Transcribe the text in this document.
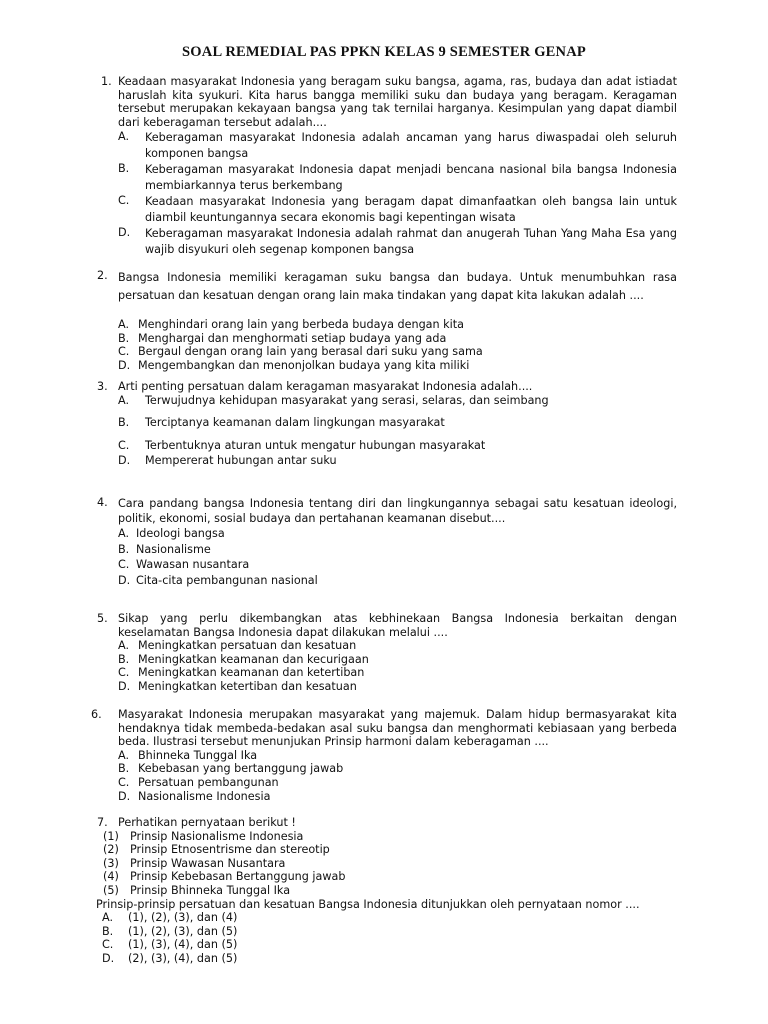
SOAL REMEDIAL PAS PPKN KELAS 9 SEMESTER GENAP
1. Keadaan masyarakat Indonesia yang beragam suku bangsa, agama, ras, budaya dan adat istiadat haruslah kita syukuri. Kita harus bangga memiliki suku dan budaya yang beragam. Keragaman tersebut merupakan kekayaan bangsa yang tak ternilai harganya. Kesimpulan yang dapat diambil dari keberagaman tersebut adalah....
A. Keberagaman masyarakat Indonesia adalah ancaman yang harus diwaspadai oleh seluruh komponen bangsa
B. Keberagaman masyarakat Indonesia dapat menjadi bencana nasional bila bangsa Indonesia membiarkannya terus berkembang
C. Keadaan masyarakat Indonesia yang beragam dapat dimanfaatkan oleh bangsa lain untuk diambil keuntungannya secara ekonomis bagi kepentingan wisata
D. Keberagaman masyarakat Indonesia adalah rahmat dan anugerah Tuhan Yang Maha Esa yang wajib disyukuri oleh segenap komponen bangsa
2. Bangsa Indonesia memiliki keragaman suku bangsa dan budaya. Untuk menumbuhkan rasa persatuan dan kesatuan dengan orang lain maka tindakan yang dapat kita lakukan adalah ....
A. Menghindari orang lain yang berbeda budaya dengan kita
B. Menghargai dan menghormati setiap budaya yang ada
C. Bergaul dengan orang lain yang berasal dari suku yang sama
D. Mengembangkan dan menonjolkan budaya yang kita miliki
3. Arti penting persatuan dalam keragaman masyarakat Indonesia adalah....
A. Terwujudnya kehidupan masyarakat yang serasi, selaras, dan seimbang
B. Terciptanya keamanan dalam lingkungan masyarakat
C. Terbentuknya aturan untuk mengatur hubungan masyarakat
D. Mempererat hubungan antar suku
4. Cara pandang bangsa Indonesia tentang diri dan lingkungannya sebagai satu kesatuan ideologi, politik, ekonomi, sosial budaya dan pertahanan keamanan disebut....
A. Ideologi bangsa
B. Nasionalisme
C. Wawasan nusantara
D. Cita-cita pembangunan nasional
5. Sikap yang perlu dikembangkan atas kebhinekaan Bangsa Indonesia berkaitan dengan keselamatan Bangsa Indonesia dapat dilakukan melalui ....
A. Meningkatkan persatuan dan kesatuan
B. Meningkatkan keamanan dan kecurigaan
C. Meningkatkan keamanan dan ketertiban
D. Meningkatkan ketertiban dan kesatuan
6. Masyarakat Indonesia merupakan masyarakat yang majemuk. Dalam hidup bermasyarakat kita hendaknya tidak membeda-bedakan asal suku bangsa dan menghormati kebiasaan yang berbeda beda. Ilustrasi tersebut menunjukan Prinsip harmoni dalam keberagaman ....
A. Bhinneka Tunggal Ika
B. Kebebasan yang bertanggung jawab
C. Persatuan pembangunan
D. Nasionalisme Indonesia
7. Perhatikan pernyataan berikut !
(1) Prinsip Nasionalisme Indonesia
(2) Prinsip Etnosentrisme dan stereotip
(3) Prinsip Wawasan Nusantara
(4) Prinsip Kebebasan Bertanggung jawab
(5) Prinsip Bhinneka Tunggal Ika
Prinsip-prinsip persatuan dan kesatuan Bangsa Indonesia ditunjukkan oleh pernyataan nomor ....
A. (1), (2), (3), dan (4)
B. (1), (2), (3), dan (5)
C. (1), (3), (4), dan (5)
D. (2), (3), (4), dan (5)
